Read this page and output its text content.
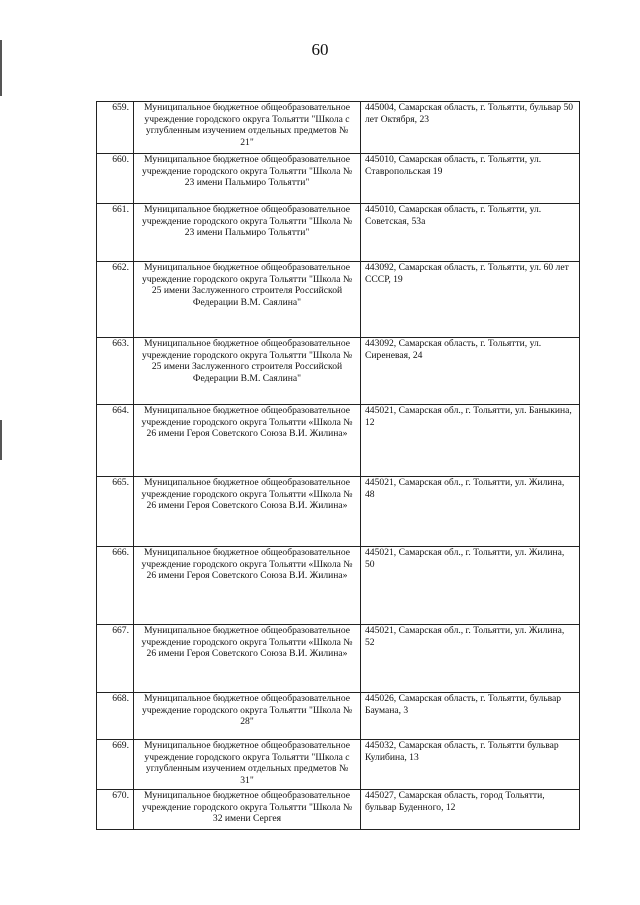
60
659.	Муниципальное бюджетное общеобразовательное учреждение городского округа Тольятти "Школа с углубленным изучением отдельных предметов № 21"	445004, Самарская область, г. Тольятти, бульвар 50 лет Октября, 23
660.	Муниципальное бюджетное общеобразовательное учреждение городского округа Тольятти "Школа № 23 имени Пальмиро Тольятти"	445010, Самарская область, г. Тольятти, ул. Ставропольская 19
661.	Муниципальное бюджетное общеобразовательное учреждение городского округа Тольятти "Школа № 23 имени Пальмиро Тольятти"	445010, Самарская область, г. Тольятти, ул. Советская, 53а
662.	Муниципальное бюджетное общеобразовательное учреждение городского округа Тольятти "Школа № 25 имени Заслуженного строителя Российской Федерации В.М. Саялина"	443092, Самарская область, г. Тольятти, ул. 60 лет СССР, 19
663.	Муниципальное бюджетное общеобразовательное учреждение городского округа Тольятти "Школа № 25 имени Заслуженного строителя Российской Федерации В.М. Саялина"	443092, Самарская область, г. Тольятти, ул. Сиреневая, 24
664.	Муниципальное бюджетное общеобразовательное учреждение городского округа Тольятти «Школа № 26 имени Героя Советского Союза В.И. Жилина»	445021, Самарская обл., г. Тольятти, ул. Баныкина, 12
665.	Муниципальное бюджетное общеобразовательное учреждение городского округа Тольятти «Школа № 26 имени Героя Советского Союза В.И. Жилина»	445021, Самарская обл., г. Тольятти, ул. Жилина, 48
666.	Муниципальное бюджетное общеобразовательное учреждение городского округа Тольятти «Школа № 26 имени Героя Советского Союза В.И. Жилина»	445021, Самарская обл., г. Тольятти, ул. Жилина, 50
667.	Муниципальное бюджетное общеобразовательное учреждение городского округа Тольятти «Школа № 26 имени Героя Советского Союза В.И. Жилина»	445021, Самарская обл., г. Тольятти, ул. Жилина, 52
668.	Муниципальное бюджетное общеобразовательное учреждение городского округа Тольятти "Школа № 28"	445026, Самарская область, г. Тольятти, бульвар Баумана, 3
669.	Муниципальное бюджетное общеобразовательное учреждение городского округа Тольятти "Школа с углубленным изучением отдельных предметов № 31"	445032, Самарская область, г. Тольятти бульвар Кулибина, 13
670.	Муниципальное бюджетное общеобразовательное учреждение городского округа Тольятти "Школа № 32 имени Сергея	445027, Самарская область, город Тольятти, бульвар Буденного, 12
